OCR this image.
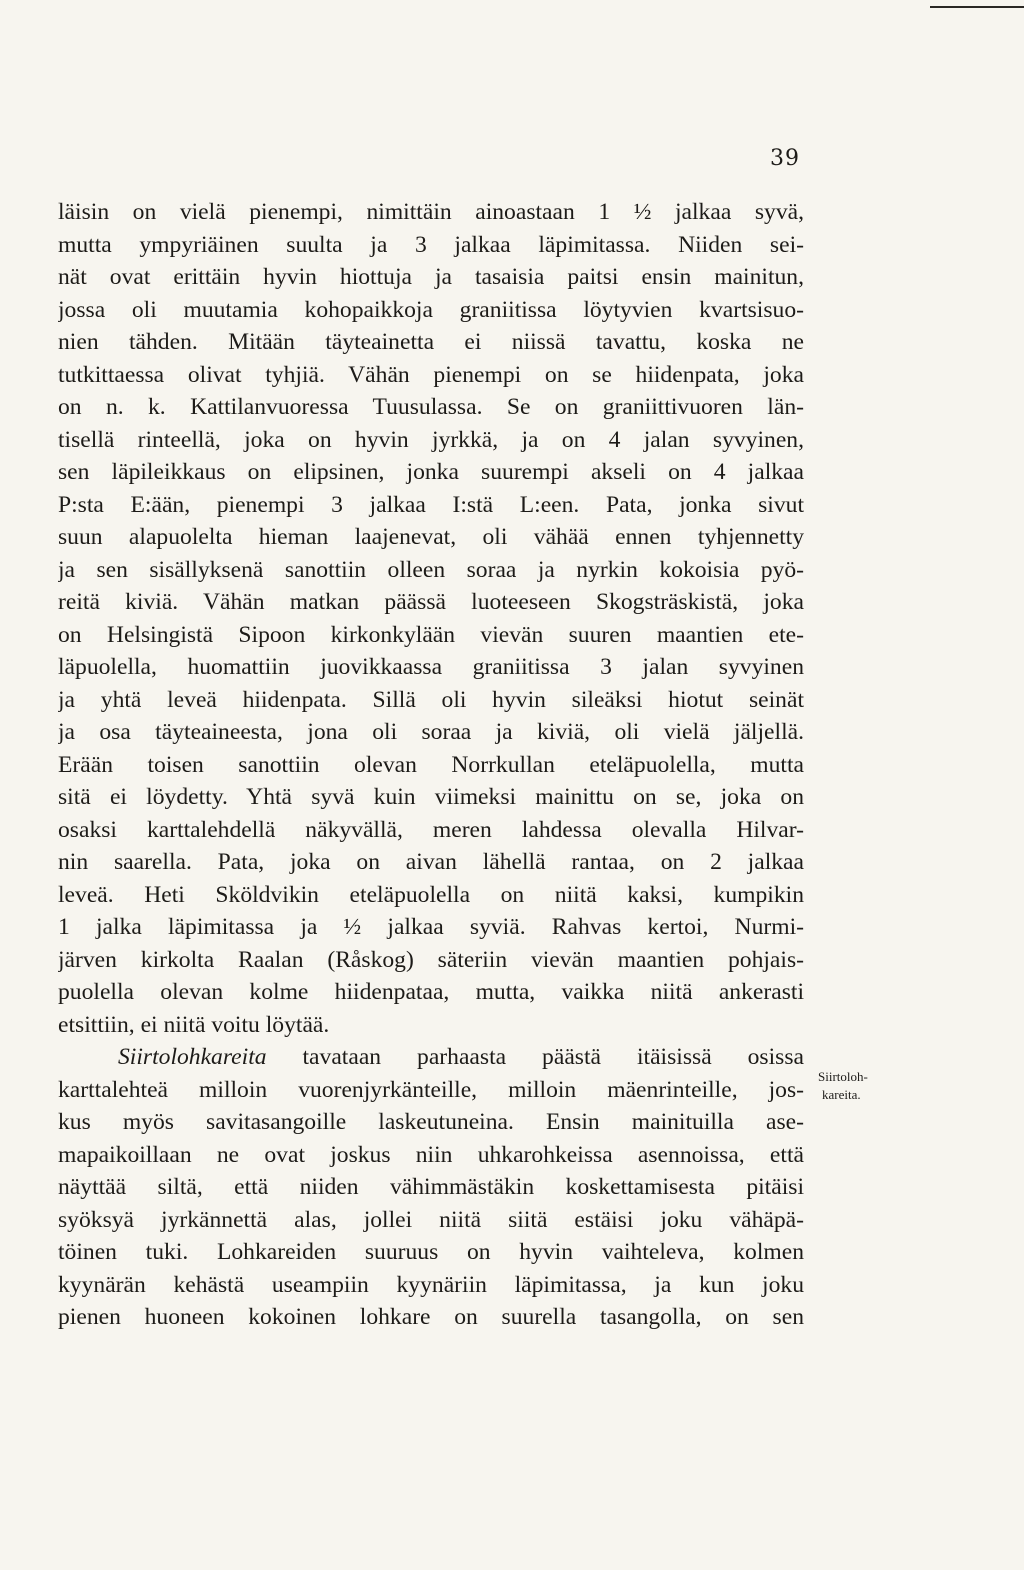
39
läisin on vielä pienempi, nimittäin ainoastaan 1 ½ jalkaa syvä,
mutta ympyriäinen suulta ja 3 jalkaa läpimitassa. Niiden sei-
nät ovat erittäin hyvin hiottuja ja tasaisia paitsi ensin mainitun,
jossa oli muutamia kohopaikkoja graniitissa löytyvien kvartsisuo-
nien tähden. Mitään täyteainetta ei niissä tavattu, koska ne
tutkittaessa olivat tyhjiä. Vähän pienempi on se hiidenpata, joka
on n. k. Kattilanvuoressa Tuusulassa. Se on graniittivuoren län-
tisellä rinteellä, joka on hyvin jyrkkä, ja on 4 jalan syvyinen,
sen läpileikkaus on elipsinen, jonka suurempi akseli on 4 jalkaa
P:sta E:ään, pienempi 3 jalkaa I:stä L:een. Pata, jonka sivut
suun alapuolelta hieman laajenevat, oli vähää ennen tyhjennetty
ja sen sisällyksenä sanottiin olleen soraa ja nyrkin kokoisia pyö-
reitä kiviä. Vähän matkan päässä luoteeseen Skogsträskistä, joka
on Helsingistä Sipoon kirkonkylään vievän suuren maantien ete-
läpuolella, huomattiin juovikkaassa graniitissa 3 jalan syvyinen
ja yhtä leveä hiidenpata. Sillä oli hyvin sileäksi hiotut seinät
ja osa täyteaineesta, jona oli soraa ja kiviä, oli vielä jäljellä.
Erään toisen sanottiin olevan Norrkullan eteläpuolella, mutta
sitä ei löydetty. Yhtä syvä kuin viimeksi mainittu on se, joka on
osaksi karttalehdellä näkyvällä, meren lahdessa olevalla Hilvar-
nin saarella. Pata, joka on aivan lähellä rantaa, on 2 jalkaa
leveä. Heti Sköldvikin eteläpuolella on niitä kaksi, kumpikin
1 jalka läpimitassa ja ½ jalkaa syviä. Rahvas kertoi, Nurmi-
järven kirkolta Raalan (Råskog) säteriin vievän maantien pohjais-
puolella olevan kolme hiidenpataa, mutta, vaikka niitä ankerasti
etsittiin, ei niitä voitu löytää.
Siirtolohkareita tavataan parhaasta päästä itäisissä osissa
karttalehteä milloin vuorenjyrkänteille, milloin mäenrinteille, jos-
kus myös savitasangoille laskeutuneina. Ensin mainituilla ase-
mapaikoillaan ne ovat joskus niin uhkarohkeissa asennoissa, että
näyttää siltä, että niiden vähimmästäkin koskettamisesta pitäisi
syöksyä jyrkännettä alas, jollei niitä siitä estäisi joku vähäpä-
töinen tuki. Lohkareiden suuruus on hyvin vaihteleva, kolmen
kyynärän kehästä useampiin kyynäriin läpimitassa, ja kun joku
pienen huoneen kokoinen lohkare on suurella tasangolla, on sen
Siirtoloh-
kareita.
